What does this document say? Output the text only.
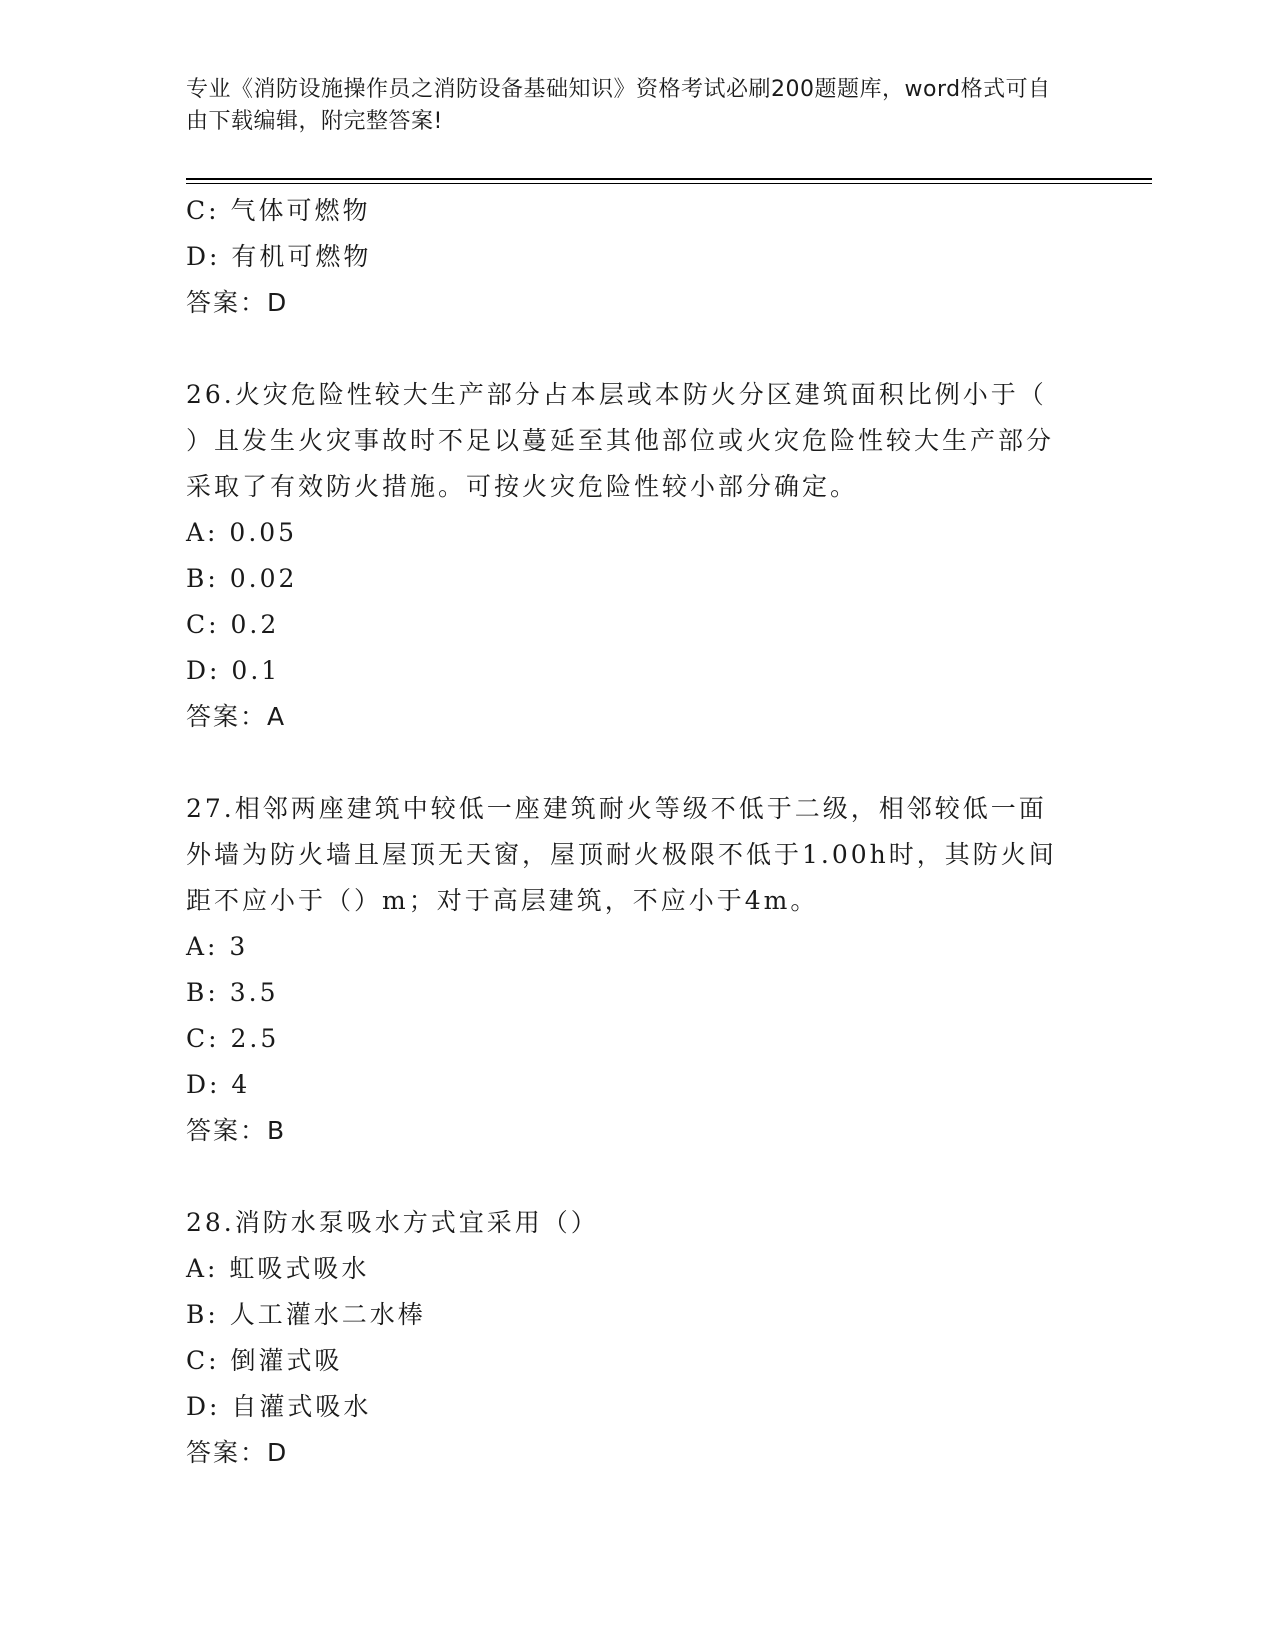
专业《消防设施操作员之消防设备基础知识》资格考试必刷200题题库，word格式可自由下载编辑，附完整答案!
C: 气体可燃物
D: 有机可燃物
答案：D
26.火灾危险性较大生产部分占本层或本防火分区建筑面积比例小于（ ）且发生火灾事故时不足以蔓延至其他部位或火灾危险性较大生产部分采取了有效防火措施。可按火灾危险性较小部分确定。
A: 0.05
B: 0.02
C: 0.2
D: 0.1
答案：A
27.相邻两座建筑中较低一座建筑耐火等级不低于二级，相邻较低一面外墙为防火墙且屋顶无天窗，屋顶耐火极限不低于1.00h时，其防火间距不应小于（）m；对于高层建筑，不应小于4m。
A: 3
B: 3.5
C: 2.5
D: 4
答案：B
28.消防水泵吸水方式宜采用（）
A: 虹吸式吸水
B: 人工灌水二水棒
C: 倒灌式吸
D: 自灌式吸水
答案：D
